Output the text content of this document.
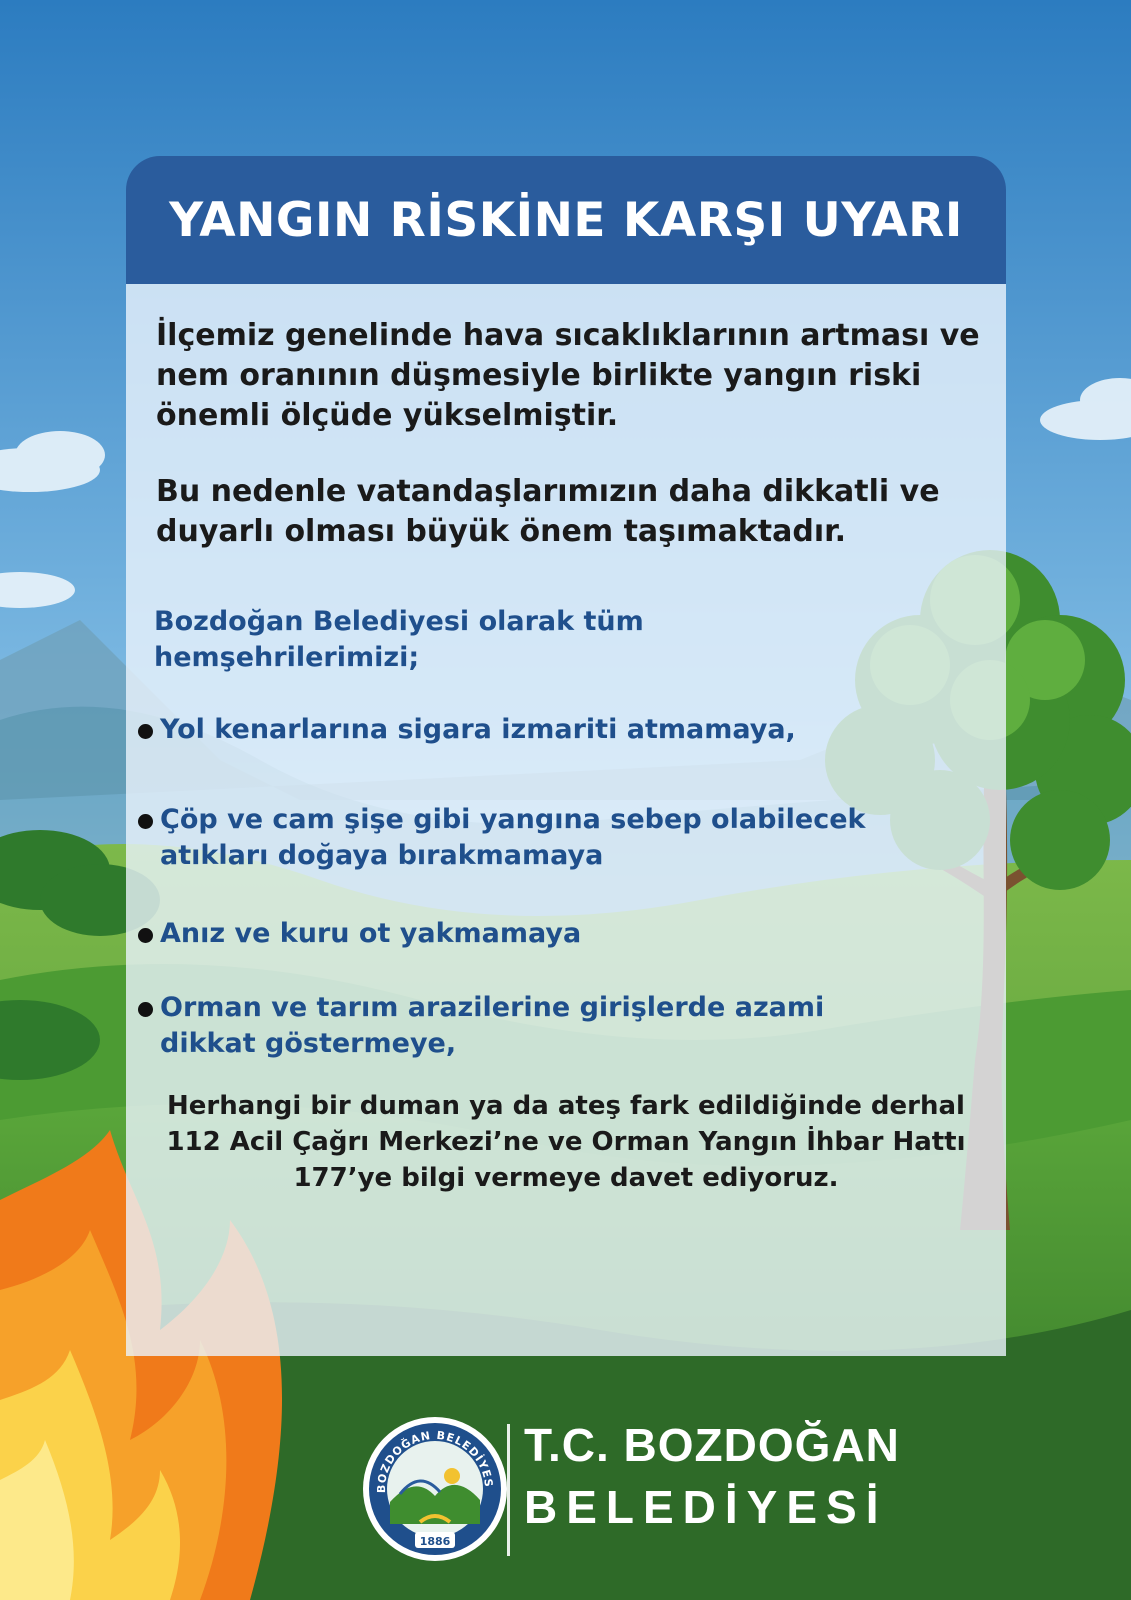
YANGIN RİSKİNE KARŞI UYARI

İlçemiz genelinde hava sıcaklıklarının artması ve nem oranının düşmesiyle birlikte yangın riski önemli ölçüde yükselmiştir.

Bu nedenle vatandaşlarımızın daha dikkatli ve duyarlı olması büyük önem taşımaktadır.

Bozdoğan Belediyesi olarak tüm hemşehrilerimizi;

Yol kenarlarına sigara izmariti atmamaya,
Çöp ve cam şişe gibi yangına sebep olabilecek atıkları doğaya bırakmamaya
Anız ve kuru ot yakmamaya
Orman ve tarım arazilerine girişlerde azami dikkat göstermeye,

Herhangi bir duman ya da ateş fark edildiğinde derhal 112 Acil Çağrı Merkezi’ne ve Orman Yangın İhbar Hattı 177’ye bilgi vermeye davet ediyoruz.

BOZDOĞAN BELEDİYES
1886

T.C. BOZDOĞAN

BELEDİYESİ
